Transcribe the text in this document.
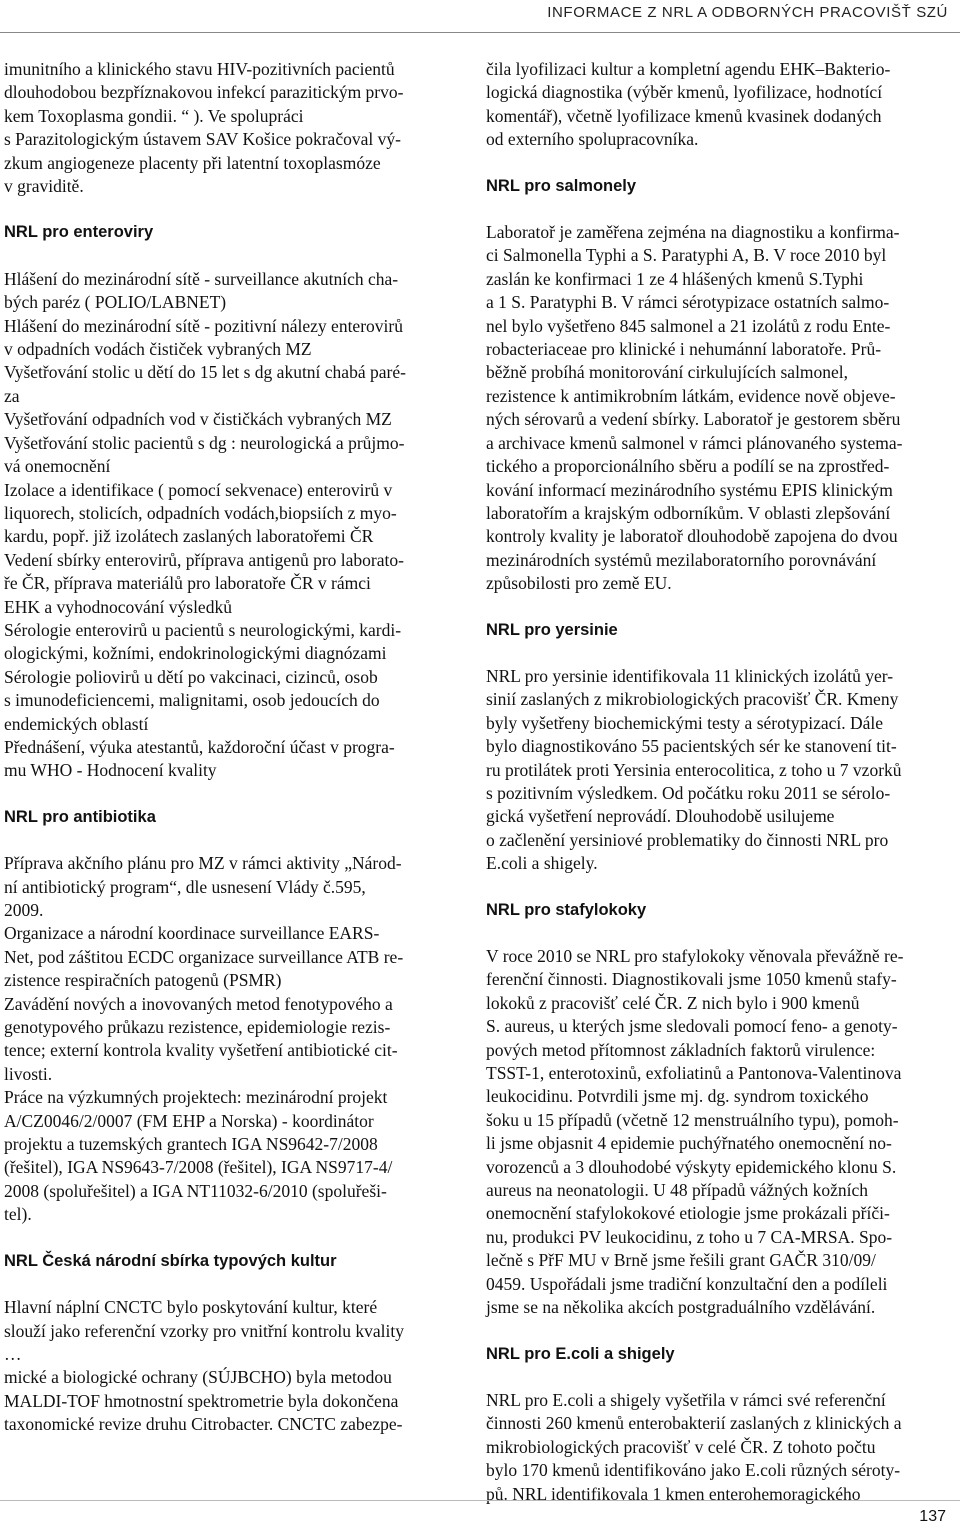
INFORMACE Z NRL A ODBORNÝCH PRACOVIŠŤ SZÚ
imunitního a klinického stavu HIV-pozitivních pacientů
dlouhodobou bezpříznakovou infekcí parazitickým prvo-
kem Toxoplasma gondii. “ ). Ve spolupráci
s Parazitologickým ústavem SAV Košice pokračoval vý-
zkum angiogeneze placenty při latentní toxoplasmóze
v graviditě.
NRL pro enteroviry
Hlášení do mezinárodní sítě - surveillance akutních cha-
bých paréz ( POLIO/LABNET)
Hlášení do mezinárodní sítě - pozitivní nálezy enterovirů
v odpadních vodách čističek vybraných MZ
Vyšetřování stolic u dětí do 15 let s dg akutní chabá paré-
za
Vyšetřování odpadních vod v čističkách vybraných MZ
Vyšetřování stolic pacientů s dg : neurologická a průjmo-
vá onemocnění
Izolace a identifikace ( pomocí sekvenace) enterovirů v
liquorech, stolicích, odpadních vodách,biopsiích z myo-
kardu, popř. již izolátech zaslaných laboratořemi ČR
Vedení sbírky enterovirů, příprava antigenů pro laborato-
ře ČR, příprava materiálů pro laboratoře ČR v rámci
EHK a vyhodnocování výsledků
Sérologie enterovirů u pacientů s neurologickými, kardi-
ologickými, kožními, endokrinologickými diagnózami
Sérologie poliovirů u dětí po vakcinaci, cizinců, osob
s imunodeficiencemi, malignitami, osob jedoucích do
endemických oblastí
Přednášení, výuka atestantů, každoroční účast v progra-
mu WHO - Hodnocení kvality
NRL pro antibiotika
Příprava akčního plánu pro MZ v rámci aktivity „Národ-
ní antibiotický program“, dle usnesení Vlády č.595,
2009.
Organizace a národní koordinace surveillance EARS-
Net, pod záštitou ECDC organizace surveillance ATB re-
zistence respiračních patogenů (PSMR)
Zavádění nových a inovovaných metod fenotypového a
genotypového průkazu rezistence, epidemiologie rezis-
tence; externí kontrola kvality vyšetření antibiotické cit-
livosti.
Práce na výzkumných projektech: mezinárodní projekt
A/CZ0046/2/0007 (FM EHP a Norska) - koordinátor
projektu a tuzemských grantech IGA NS9642-7/2008
(řešitel), IGA NS9643-7/2008 (řešitel), IGA NS9717-4/
2008 (spoluřešitel) a IGA NT11032-6/2010 (spoluřeši-
tel).
NRL Česká národní sbírka typových kultur
Hlavní náplní CNCTC bylo poskytování kultur, které
slouží jako referenční vzorky pro vnitřní kontrolu kvality
…
mické a biologické ochrany (SÚJBCHO) byla metodou
MALDI-TOF hmotnostní spektrometrie byla dokončena
taxonomické revize druhu Citrobacter. CNCTC zabezpe-
čila lyofilizaci kultur a kompletní agendu EHK–Bakterio-
logická diagnostika (výběr kmenů, lyofilizace, hodnotící
komentář), včetně lyofilizace kmenů kvasinek dodaných
od externího spolupracovníka.
NRL pro salmonely
Laboratoř je zaměřena zejména na diagnostiku a konfirma-
ci Salmonella Typhi a S. Paratyphi A, B. V roce 2010 byl
zaslán ke konfirmaci 1 ze 4 hlášených kmenů S.Typhi
a 1 S. Paratyphi B. V rámci sérotypizace ostatních salmo-
nel bylo vyšetřeno 845 salmonel a 21 izolátů z rodu Ente-
robacteriaceae pro klinické i nehumánní laboratoře. Prů-
běžně probíhá monitorování cirkulujících salmonel,
rezistence k antimikrobním látkám, evidence nově objeve-
ných sérovarů a vedení sbírky. Laboratoř je gestorem sběru
a archivace kmenů salmonel v rámci plánovaného systema-
tického a proporcionálního sběru a podílí se na zprostřed-
kování informací mezinárodního systému EPIS klinickým
laboratořím a krajským odborníkům. V oblasti zlepšování
kontroly kvality je laboratoř dlouhodobě zapojena do dvou
mezinárodních systémů mezilaboratorního porovnávání
způsobilosti pro země EU.
NRL pro yersinie
NRL pro yersinie identifikovala 11 klinických izolátů yer-
sinií zaslaných z mikrobiologických pracovišť ČR. Kmeny
byly vyšetřeny biochemickými testy a sérotypizací. Dále
bylo diagnostikováno 55 pacientských sér ke stanovení tit-
ru protilátek proti Yersinia enterocolitica, z toho u 7 vzorků
s pozitivním výsledkem. Od počátku roku 2011 se sérolo-
gická vyšetření neprovádí. Dlouhodobě usilujeme
o začlenění yersiniové problematiky do činnosti NRL pro
E.coli a shigely.
NRL pro stafylokoky
V roce 2010 se NRL pro stafylokoky věnovala převážně re-
ferenční činnosti. Diagnostikovali jsme 1050 kmenů stafy-
lokoků z pracovišť celé ČR. Z nich bylo i 900 kmenů
S. aureus, u kterých jsme sledovali pomocí feno- a genoty-
pových metod přítomnost základních faktorů virulence:
TSST-1, enterotoxinů, exfoliatinů a Pantonova-Valentinova
leukocidinu. Potvrdili jsme mj. dg. syndrom toxického
šoku u 15 případů (včetně 12 menstruálního typu), pomoh-
li jsme objasnit 4 epidemie puchýřnatého onemocnění no-
vorozenců a 3 dlouhodobé výskyty epidemického klonu S.
aureus na neonatologii. U 48 případů vážných kožních
onemocnění stafylokokové etiologie jsme prokázali příči-
nu, produkci PV leukocidinu, z toho u 7 CA-MRSA. Spo-
lečně s PřF MU v Brně jsme řešili grant GAČR 310/09/
0459. Uspořádali jsme tradiční konzultační den a podíleli
jsme se na několika akcích postgraduálního vzdělávání.
NRL pro E.coli a shigely
NRL pro E.coli a shigely vyšetřila v rámci své referenční
činnosti 260 kmenů enterobakterií zaslaných z klinických a
mikrobiologických pracovišť v celé ČR. Z tohoto počtu
bylo 170 kmenů identifikováno jako E.coli různých séroty-
pů. NRL identifikovala 1 kmen enterohemoragického
137
